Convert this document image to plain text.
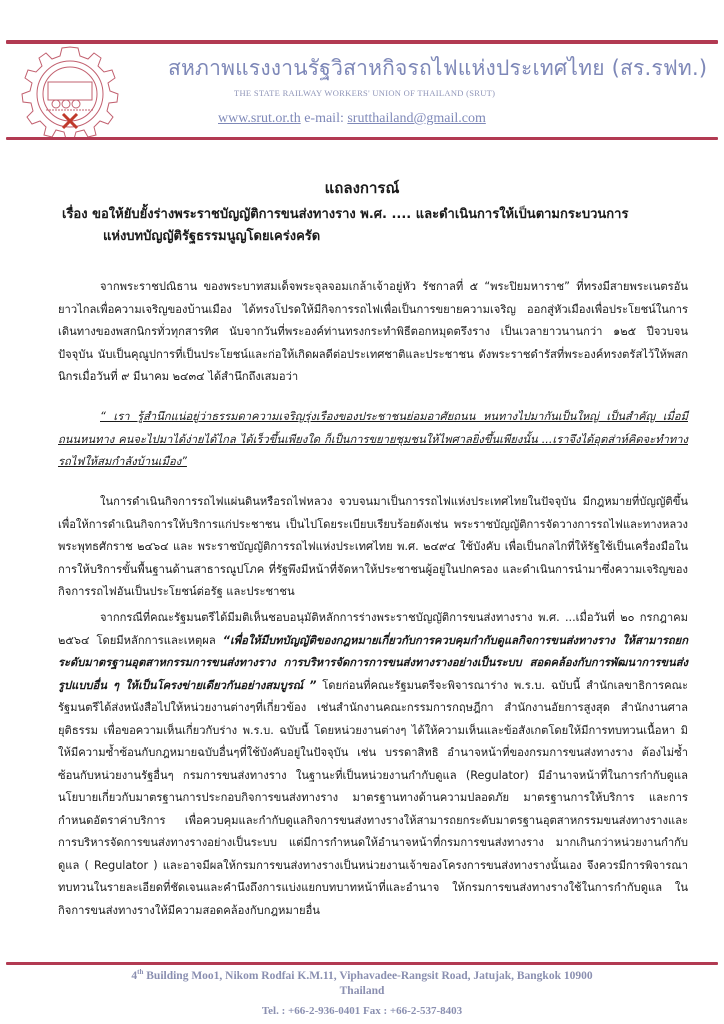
สหภาพแรงงานรัฐวิสาหกิจรถไฟแห่งประเทศไทย (สร.รฟท.)
THE STATE RAILWAY WORKERS' UNION OF THAILAND (SRUT)
www.srut.or.th e-mail: srutthailand@gmail.com
แถลงการณ์
เรื่อง ขอให้ยับยั้งร่างพระราชบัญญัติการขนส่งทางราง พ.ศ. .... และดำเนินการให้เป็นตามกระบวนการ
แห่งบทบัญญัติรัฐธรรมนูญโดยเคร่งครัด
จากพระราชปณิธาน ของพระบาทสมเด็จพระจุลจอมเกล้าเจ้าอยู่หัว รัชกาลที่ ๕ “พระปิยมหาราช” ที่ทรงมีสายพระเนตรอันยาวไกลเพื่อความเจริญของบ้านเมือง ได้ทรงโปรดให้มีกิจการรถไฟเพื่อเป็นการขยายความเจริญ ออกสู่หัวเมืองเพื่อประโยชน์ในการเดินทางของพสกนิกรทั่วทุกสารทิศ นับจากวันที่พระองค์ท่านทรงกระทำพิธีตอกหมุดตรึงราง เป็นเวลายาวนานกว่า ๑๒๕ ปีจวบจนปัจจุบัน นับเป็นคุณูปการที่เป็นประโยชน์และก่อให้เกิดผลดีต่อประเทศชาติและประชาชน ดังพระราชดำรัสที่พระองค์ทรงตรัสไว้ให้พสกนิกรเมื่อวันที่ ๙ มีนาคม ๒๔๓๔ ได้สำนึกถึงเสมอว่า
“ เรา รู้สำนึกแน่อยู่ว่าธรรมดาความเจริญรุ่งเรืองของประชาชนย่อมอาศัยถนน หนทางไปมากันเป็นใหญ่ เป็นสำคัญ เมื่อมีถนนหนทาง คนจะไปมาได้ง่ายได้ไกล ได้เร็วขึ้นเพียงใด ก็เป็นการขยายชุมชนให้ไพศาลยิ่งขึ้นเพียงนั้น ...เราจึงได้อุตส่าห์คิดจะทำทางรถไฟให้สมกำลังบ้านเมือง”
ในการดำเนินกิจการรถไฟแผ่นดินหรือรถไฟหลวง จวบจนมาเป็นการรถไฟแห่งประเทศไทยในปัจจุบัน มีกฎหมายที่บัญญัติขึ้นเพื่อให้การดำเนินกิจการให้บริการแก่ประชาชน เป็นไปโดยระเบียบเรียบร้อยดังเช่น พระราชบัญญัติการจัดวางการรถไฟและทางหลวงพระพุทธศักราช ๒๔๖๔ และ พระราชบัญญัติการรถไฟแห่งประเทศไทย พ.ศ. ๒๔๙๔ ใช้บังคับ เพื่อเป็นกลไกที่ให้รัฐใช้เป็นเครื่องมือในการให้บริการขั้นพื้นฐานด้านสาธารณูปโภค ที่รัฐพึงมีหน้าที่จัดหาให้ประชาชนผู้อยู่ในปกครอง และดำเนินการนำมาซึ่งความเจริญของกิจการรถไฟอันเป็นประโยชน์ต่อรัฐ และประชาชน
จากกรณีที่คณะรัฐมนตรีได้มีมติเห็นชอบอนุมัติหลักการร่างพระราชบัญญัติการขนส่งทางราง พ.ศ. ...เมื่อวันที่ ๒๐ กรกฎาคม ๒๕๖๔ โดยมีหลักการและเหตุผล “เพื่อให้มีบทบัญญัติของกฎหมายเกี่ยวกับการควบคุมกำกับดูแลกิจการขนส่งทางราง ให้สามารถยกระดับมาตรฐานอุตสาหกรรมการขนส่งทางราง การบริหารจัดการการขนส่งทางรางอย่างเป็นระบบ สอดคล้องกับการพัฒนาการขนส่งรูปแบบอื่น ๆ ให้เป็นโครงข่ายเดียวกันอย่างสมบูรณ์ ” โดยก่อนที่คณะรัฐมนตรีจะพิจารณาร่าง พ.ร.บ. ฉบับนี้ สำนักเลขาธิการคณะรัฐมนตรีได้ส่งหนังสือไปให้หน่วยงานต่างๆที่เกี่ยวข้อง เช่นสำนักงานคณะกรรมการกฤษฎีกา สำนักงานอัยการสูงสุด สำนักงานศาลยุติธรรม เพื่อขอความเห็นเกี่ยวกับร่าง พ.ร.บ. ฉบับนี้ โดยหน่วยงานต่างๆ ได้ให้ความเห็นและข้อสังเกตโดยให้มีการทบทวนเนื้อหา มิให้มีความซ้ำซ้อนกับกฎหมายฉบับอื่นๆที่ใช้บังคับอยู่ในปัจจุบัน เช่น บรรดาสิทธิ อำนาจหน้าที่ของกรมการขนส่งทางราง ต้องไม่ซ้ำซ้อนกับหน่วยงานรัฐอื่นๆ กรมการขนส่งทางราง ในฐานะที่เป็นหน่วยงานกำกับดูแล (Regulator) มีอำนาจหน้าที่ในการกำกับดูแลนโยบายเกี่ยวกับมาตรฐานการประกอบกิจการขนส่งทางราง มาตรฐานทางด้านความปลอดภัย มาตรฐานการให้บริการ และการกำหนดอัตราค่าบริการ เพื่อควบคุมและกำกับดูแลกิจการขนส่งทางรางให้สามารถยกระดับมาตรฐานอุตสาหกรรมขนส่งทางรางและการบริหารจัดการขนส่งทางรางอย่างเป็นระบบ แต่มีการกำหนดให้อำนาจหน้าที่กรมการขนส่งทางราง มากเกินกว่าหน่วยงานกำกับดูแล ( Regulator ) และอาจมีผลให้กรมการขนส่งทางรางเป็นหน่วยงานเจ้าของโครงการขนส่งทางรางนั้นเอง จึงควรมีการพิจารณาทบทวนในรายละเอียดที่ชัดเจนและคำนึงถึงการแบ่งแยกบทบาทหน้าที่และอำนาจ ให้กรมการขนส่งทางรางใช้ในการกำกับดูแล ในกิจการขนส่งทางรางให้มีความสอดคล้องกับกฎหมายอื่น
4th Building Moo1, Nikom Rodfai K.M.11, Viphavadee-Rangsit Road, Jatujak, Bangkok 10900
Thailand
Tel. : +66-2-936-0401 Fax : +66-2-537-8403
